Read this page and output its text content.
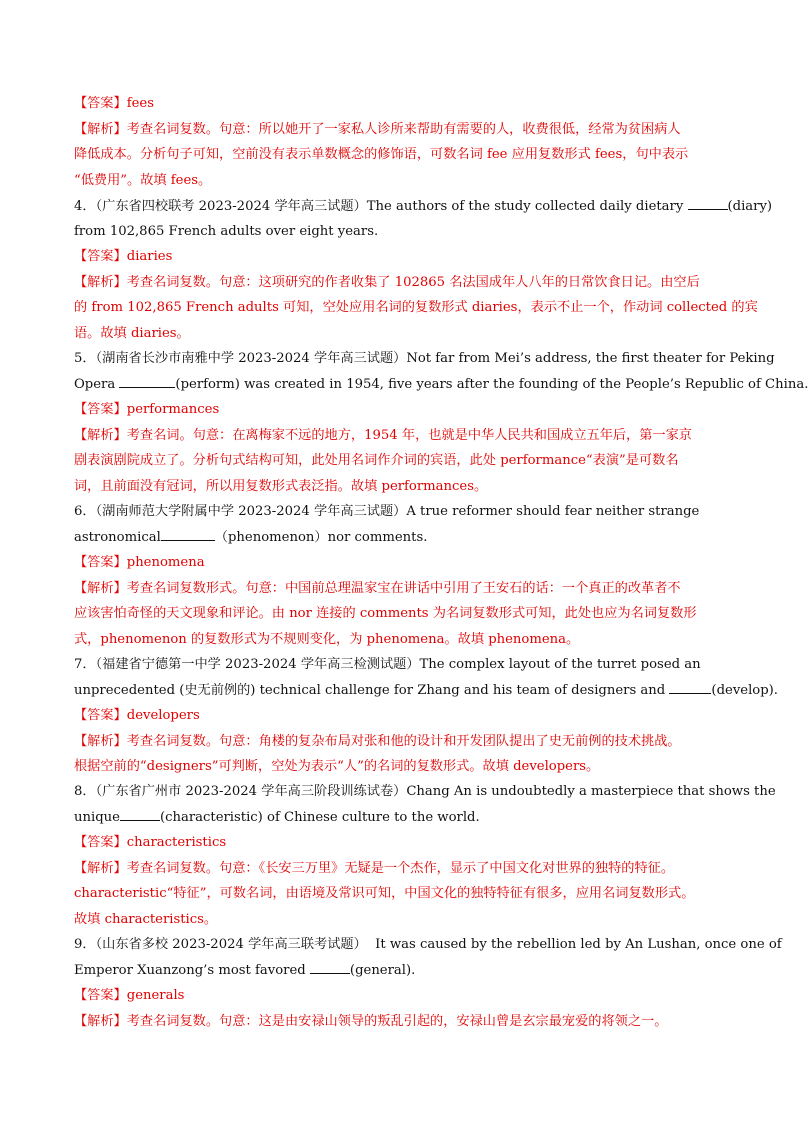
【答案】fees
【解析】考查名词复数。句意：所以她开了一家私人诊所来帮助有需要的人，收费很低，经常为贫困病人
降低成本。分析句子可知，空前没有表示单数概念的修饰语，可数名词 fee 应用复数形式 fees，句中表示
“低费用”。故填 fees。
4．（广东省四校联考 2023-2024 学年高三试题）The authors of the study collected daily dietary	(diary)
from 102,865 French adults over eight years.
【答案】diaries
【解析】考查名词复数。句意：这项研究的作者收集了 102865 名法国成年人八年的日常饮食日记。由空后
的 from 102,865 French adults 可知，空处应用名词的复数形式 diaries，表示不止一个，作动词 collected 的宾
语。故填 diaries。
5．（湖南省长沙市南雅中学 2023-2024 学年高三试题）Not far from Mei’s address, the first theater for Peking
Opera	(perform) was created in 1954, five years after the founding of the People’s Republic of China.
【答案】performances
【解析】考查名词。句意：在离梅家不远的地方，1954 年，也就是中华人民共和国成立五年后，第一家京
剧表演剧院成立了。分析句式结构可知，此处用名词作介词的宾语，此处 performance“表演”是可数名
词，且前面没有冠词，所以用复数形式表泛指。故填 performances。
6．（湖南师范大学附属中学 2023-2024 学年高三试题）A true reformer should fear neither strange
astronomical	（phenomenon）nor comments.
【答案】phenomena
【解析】考查名词复数形式。句意：中国前总理温家宝在讲话中引用了王安石的话：一个真正的改革者不
应该害怕奇怪的天文现象和评论。由 nor 连接的 comments 为名词复数形式可知，此处也应为名词复数形
式，phenomenon 的复数形式为不规则变化，为 phenomena。故填 phenomena。
7．（福建省宁德第一中学 2023-2024 学年高三检测试题）The complex layout of the turret posed an
unprecedented (史无前例的) technical challenge for Zhang and his team of designers and	(develop).
【答案】developers
【解析】考查名词复数。句意：角楼的复杂布局对张和他的设计和开发团队提出了史无前例的技术挑战。
根据空前的“designers”可判断，空处为表示“人”的名词的复数形式。故填 developers。
8．（广东省广州市 2023-2024 学年高三阶段训练试卷）Chang An is undoubtedly a masterpiece that shows the
unique	(characteristic) of Chinese culture to the world.
【答案】characteristics
【解析】考查名词复数。句意：《长安三万里》无疑是一个杰作，显示了中国文化对世界的独特的特征。
characteristic“特征”，可数名词，由语境及常识可知，中国文化的独特特征有很多，应用名词复数形式。
故填 characteristics。
9．（山东省多校 2023-2024 学年高三联考试题）  It was caused by the rebellion led by An Lushan, once one of
Emperor Xuanzong’s most favored	(general).
【答案】generals
【解析】考查名词复数。句意：这是由安禄山领导的叛乱引起的，安禄山曾是玄宗最宠爱的将领之一。
